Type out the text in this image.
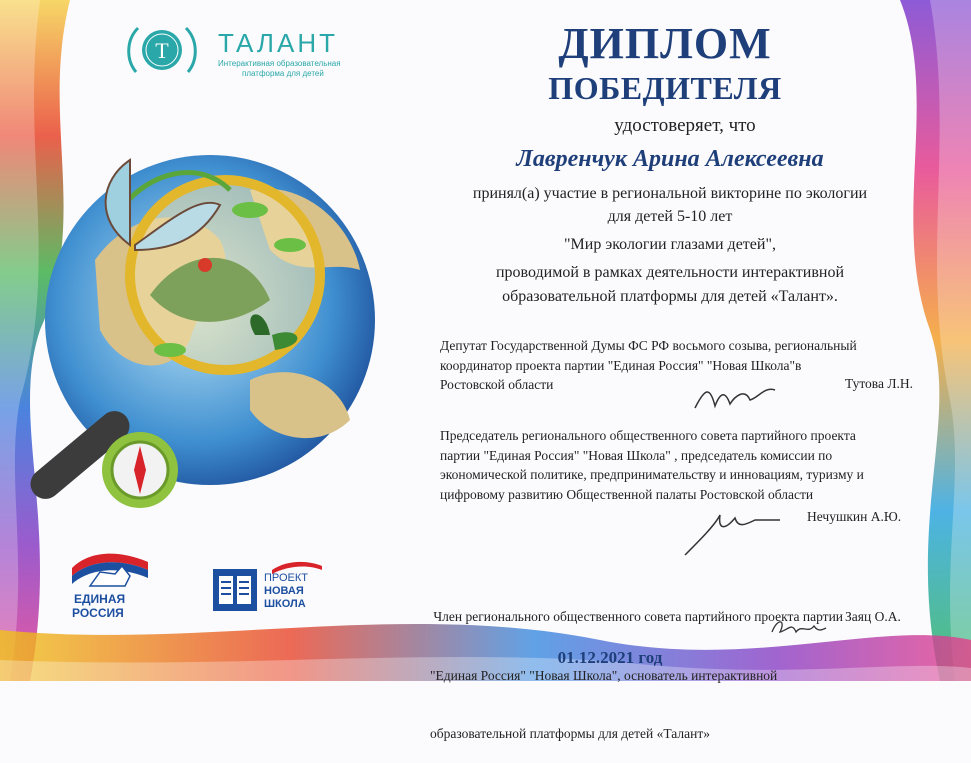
T ТАЛАНТ
Интерактивная образовательная
платформа для детей
ДИПЛОМ
ПОБЕДИТЕЛЯ
удостоверяет, что
Лавренчук Арина Алексеевна
принял(а) участие в региональной викторине по экологии
для детей 5-10 лет
"Мир экологии глазами детей",
проводимой в рамках деятельности интерактивной
образовательной платформы для детей «Талант».
Депутат Государственной Думы ФС РФ восьмого созыва, региональный
координатор проекта партии "Единая Россия" "Новая Школа"в
Ростовской области	Тутова Л.Н.
Председатель регионального общественного совета партийного проекта
партии "Единая Россия" "Новая Школа" , председатель комиссии по
экономической политике, предпринимательству и инновациям, туризму и
цифровому развитию Общественной палаты Ростовской области
Нечушкин А.Ю.

Член регионального общественного совета партийного проекта партии

"Единая Россия" "Новая Школа", основатель интерактивной

образовательной платформы для детей «Талант»

Заяц О.А.
ЕДИНАЯ
РОССИЯ
ПРОЕКТ
НОВАЯ
ШКОЛА
01.12.2021 год
